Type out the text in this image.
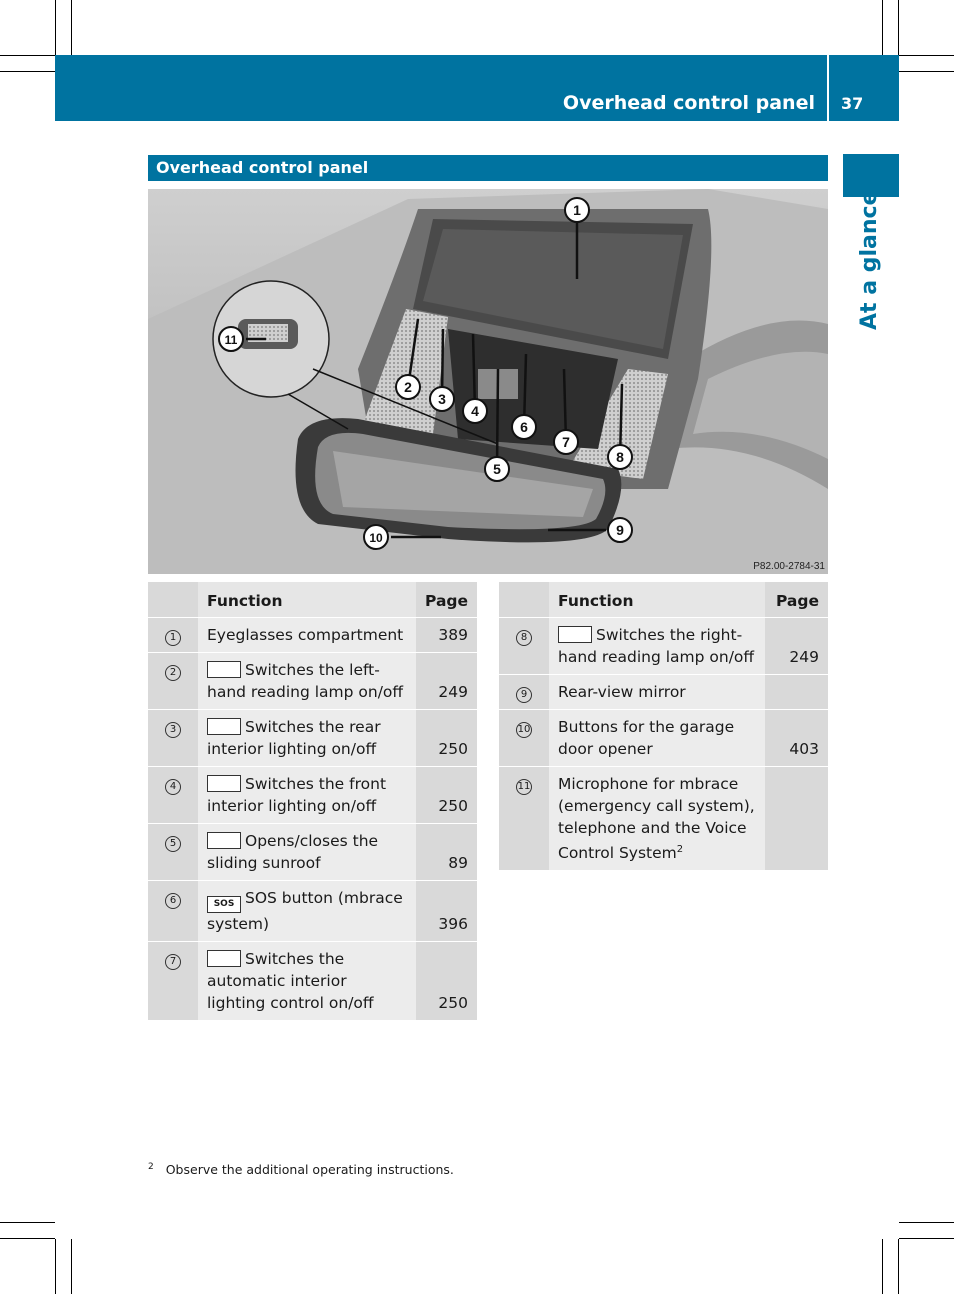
Overhead control panel 37
At a glance
Overhead control panel
1
2
3
4
5
6
7
8
9
10
11
P82.00-2784-31
	Function	Page
1	Eyeglasses compartment	389
2	Switches the left-hand reading lamp on/off	249
3	Switches the rear interior lighting on/off	250
4	Switches the front interior lighting on/off	250
5	Opens/closes the sliding sunroof	89
6	SOS SOS button (mbrace system)	396
7	Switches the automatic interior lighting control on/off	250
	Function	Page
8	Switches the right-hand reading lamp on/off	249
9	Rear-view mirror	
10	Buttons for the garage door opener	403
11	Microphone for mbrace (emergency call system), telephone and the Voice Control System$^2$	
$^2$ Observe the additional operating instructions.
